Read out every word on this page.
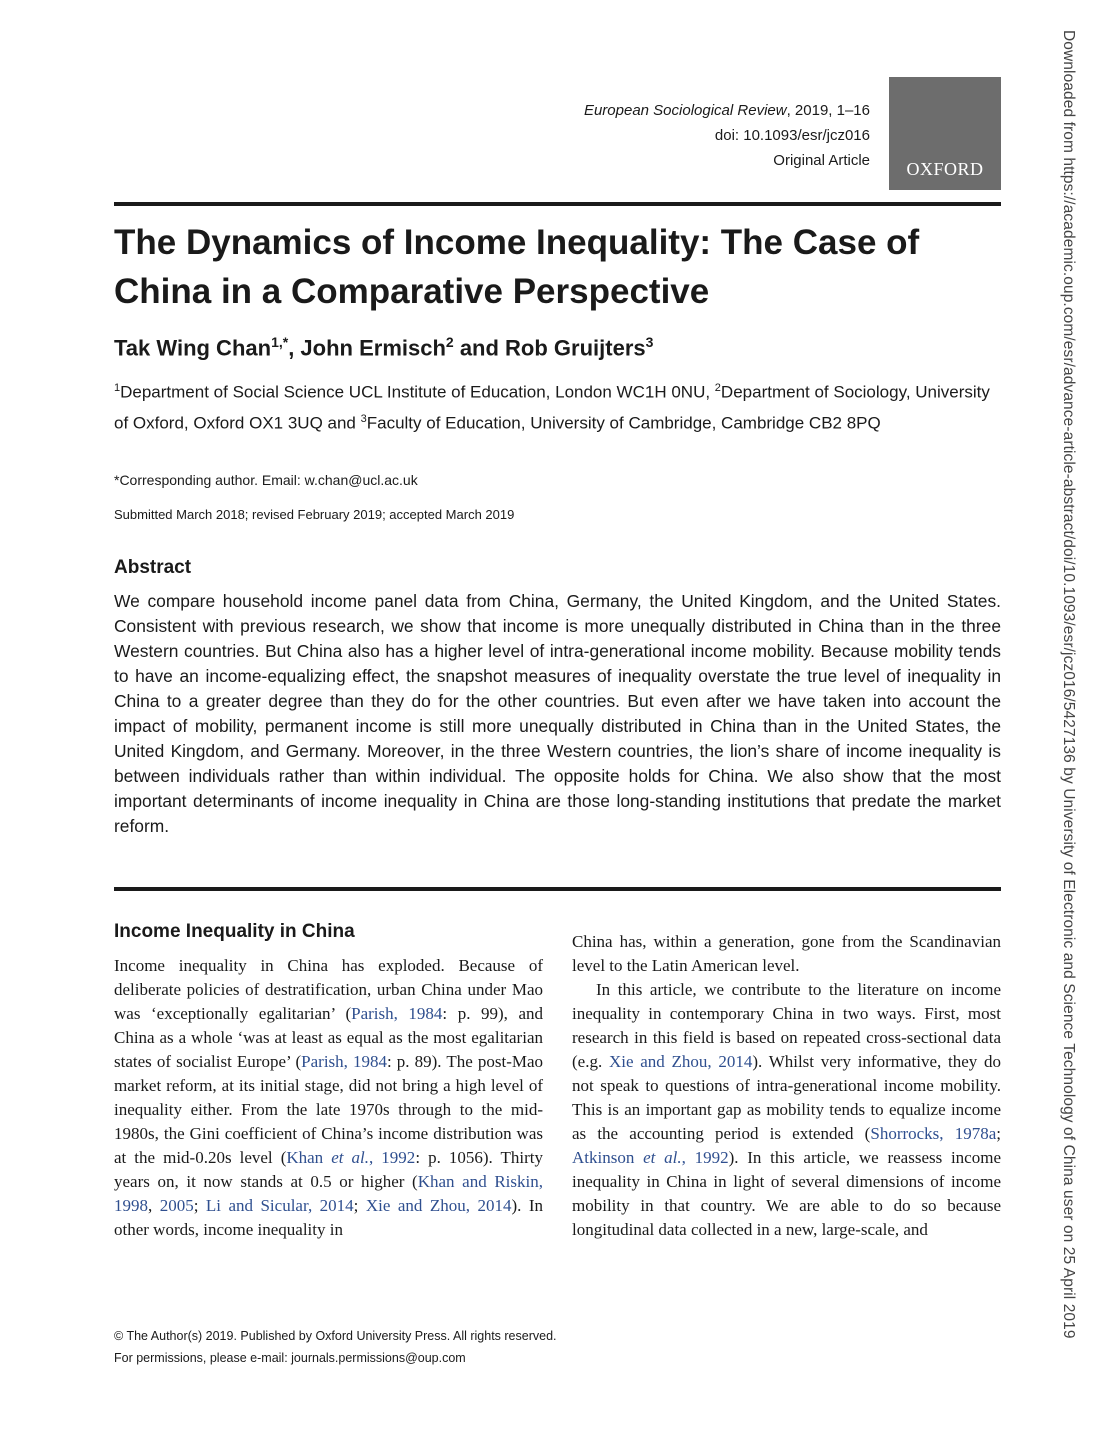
European Sociological Review, 2019, 1–16
doi: 10.1093/esr/jcz016
Original Article	OXFORD
The Dynamics of Income Inequality: The Case of China in a Comparative Perspective
Tak Wing Chan$^{1,*}$, John Ermisch$^2$ and Rob Gruijters$^3$

$^1$Department of Social Science UCL Institute of Education, London WC1H 0NU, $^2$Department of Sociology, University of Oxford, Oxford OX1 3UQ and $^3$Faculty of Education, University of Cambridge, Cambridge CB2 8PQ

*Corresponding author. Email: w.chan@ucl.ac.uk
Submitted March 2018; revised February 2019; accepted March 2019
Abstract

We compare household income panel data from China, Germany, the United Kingdom, and the United States. Consistent with previous research, we show that income is more unequally distributed in China than in the three Western countries. But China also has a higher level of intra-generational income mobility. Because mobility tends to have an income-equalizing effect, the snapshot measures of inequality overstate the true level of inequality in China to a greater degree than they do for the other countries. But even after we have taken into account the impact of mobility, permanent income is still more unequally distributed in China than in the United States, the United Kingdom, and Germany. Moreover, in the three Western countries, the lion’s share of income inequality is between individuals rather than within individual. The opposite holds for China. We also show that the most important determinants of income inequality in China are those long-standing institutions that predate the market reform.

Income Inequality in China

Income inequality in China has exploded. Because of deliberate policies of destratification, urban China under Mao was ‘exceptionally egalitarian’ (Parish, 1984: p. 99), and China as a whole ‘was at least as equal as the most egalitarian states of socialist Europe’ (Parish, 1984: p. 89). The post-Mao market reform, at its initial stage, did not bring a high level of inequality either. From the late 1970s through to the mid-1980s, the Gini coefficient of China’s income distribution was at the mid-0.20s level (Khan et al., 1992: p. 1056). Thirty years on, it now stands at 0.5 or higher (Khan and Riskin, 1998, 2005; Li and Sicular, 2014; Xie and Zhou, 2014). In other words, income inequality in

China has, within a generation, gone from the Scandinavian level to the Latin American level.

In this article, we contribute to the literature on income inequality in contemporary China in two ways. First, most research in this field is based on repeated cross-sectional data (e.g. Xie and Zhou, 2014). Whilst very informative, they do not speak to questions of intra-generational income mobility. This is an important gap as mobility tends to equalize income as the accounting period is extended (Shorrocks, 1978a; Atkinson et al., 1992). In this article, we reassess income inequality in China in light of several dimensions of income mobility in that country. We are able to do so because longitudinal data collected in a new, large-scale, and

© The Author(s) 2019. Published by Oxford University Press. All rights reserved.
For permissions, please e-mail: journals.permissions@oup.com
Downloaded from https://academic.oup.com/esr/advance-article-abstract/doi/10.1093/esr/jcz016/5427136 by University of Electronic and Science Technology of China user on 25 April 2019
